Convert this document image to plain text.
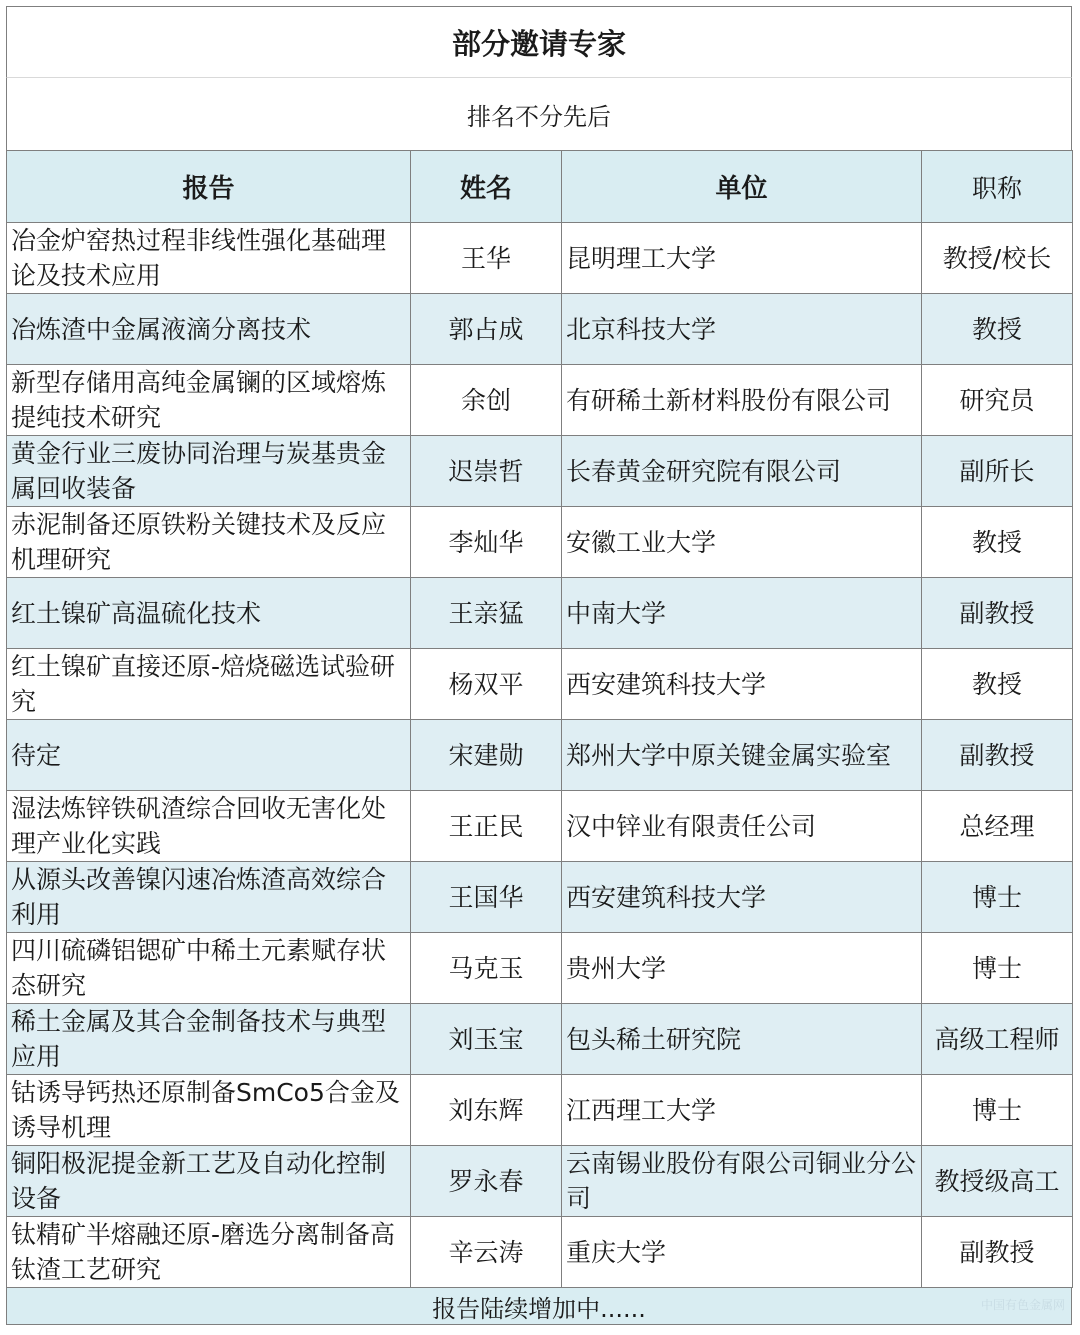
部分邀请专家
排名不分先后
报告	姓名	单位	职称
冶金炉窑热过程非线性强化基础理论及技术应用	王华	昆明理工大学	教授/校长
冶炼渣中金属液滴分离技术	郭占成	北京科技大学	教授
新型存储用高纯金属镧的区域熔炼提纯技术研究	余创	有研稀土新材料股份有限公司	研究员
黄金行业三废协同治理与炭基贵金属回收装备	迟崇哲	长春黄金研究院有限公司	副所长
赤泥制备还原铁粉关键技术及反应机理研究	李灿华	安徽工业大学	教授
红土镍矿高温硫化技术	王亲猛	中南大学	副教授
红土镍矿直接还原-焙烧磁选试验研究	杨双平	西安建筑科技大学	教授
待定	宋建勋	郑州大学中原关键金属实验室	副教授
湿法炼锌铁矾渣综合回收无害化处理产业化实践	王正民	汉中锌业有限责任公司	总经理
从源头改善镍闪速冶炼渣高效综合利用	王国华	西安建筑科技大学	博士
四川硫磷铝锶矿中稀土元素赋存状态研究	马克玉	贵州大学	博士
稀土金属及其合金制备技术与典型应用	刘玉宝	包头稀土研究院	高级工程师
钴诱导钙热还原制备SmCo5合金及诱导机理	刘东辉	江西理工大学	博士
铜阳极泥提金新工艺及自动化控制设备	罗永春	云南锡业股份有限公司铜业分公司	教授级高工
钛精矿半熔融还原-磨选分离制备高钛渣工艺研究	辛云涛	重庆大学	副教授
报告陆续增加中......	中国有色金属网
